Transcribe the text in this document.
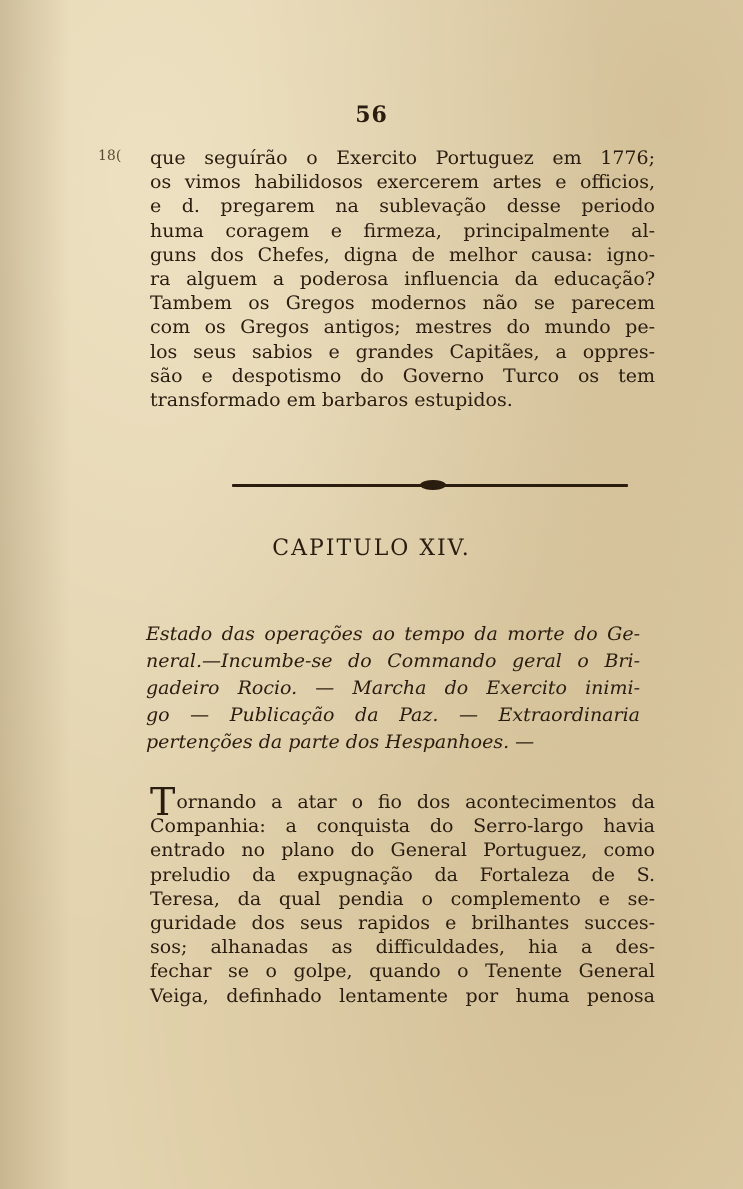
56
18( que seguírão o Exercito Portuguez em 1776;
os vimos habilidosos exercerem artes e officios,
e d. pregarem na sublevação desse periodo
huma coragem e firmeza, principalmente al-
guns dos Chefes, digna de melhor causa: igno-
ra alguem a poderosa influencia da educação?
Tambem os Gregos modernos não se parecem
com os Gregos antigos; mestres do mundo pe-
los seus sabios e grandes Capitães, a oppres-
são e despotismo do Governo Turco os tem
transformado em barbaros estupidos.
CAPITULO XIV.
Estado das operações ao tempo da morte do Ge-
neral.—Incumbe-se do Commando geral o Bri-
gadeiro Rocio. — Marcha do Exercito inimi-
go — Publicação da Paz. — Extraordinaria
pertenções da parte dos Hespanhoes. —
Tornando a atar o fio dos acontecimentos da
Companhia: a conquista do Serro-largo havia
entrado no plano do General Portuguez, como
preludio da expugnação da Fortaleza de S.
Teresa, da qual pendia o complemento e se-
guridade dos seus rapidos e brilhantes succes-
sos; alhanadas as difficuldades, hia a des-
fechar se o golpe, quando o Tenente General
Veiga, definhado lentamente por huma penosa
